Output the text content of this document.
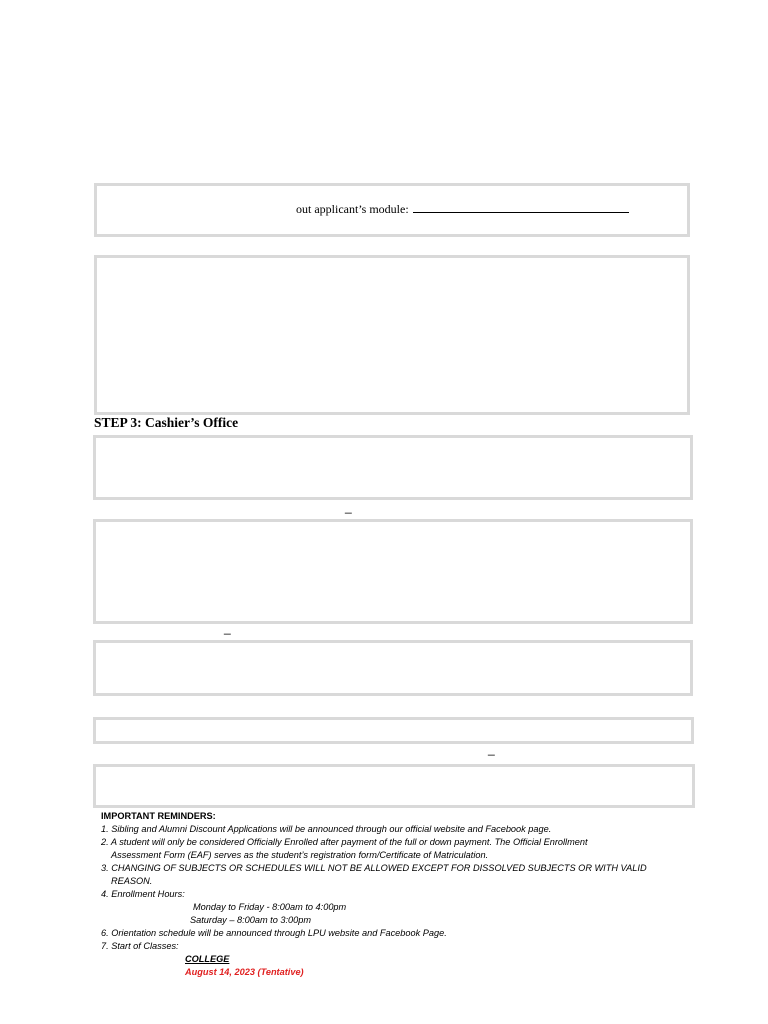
out applicant’s module:
STEP 3: Cashier’s Office
_
_
_
IMPORTANT REMINDERS:
1. Sibling and Alumni Discount Applications will be announced through our official website and Facebook page.
2. A student will only be considered Officially Enrolled after payment of the full or down payment. The Official Enrollment
Assessment Form (EAF) serves as the student’s registration form/Certificate of Matriculation.
3. CHANGING OF SUBJECTS OR SCHEDULES WILL NOT BE ALLOWED EXCEPT FOR DISSOLVED SUBJECTS OR WITH VALID
REASON.
4. Enrollment Hours:
Monday to Friday - 8:00am to 4:00pm
Saturday – 8:00am to 3:00pm
6. Orientation schedule will be announced through LPU website and Facebook Page.
7. Start of Classes:
COLLEGE
August 14, 2023 (Tentative)
